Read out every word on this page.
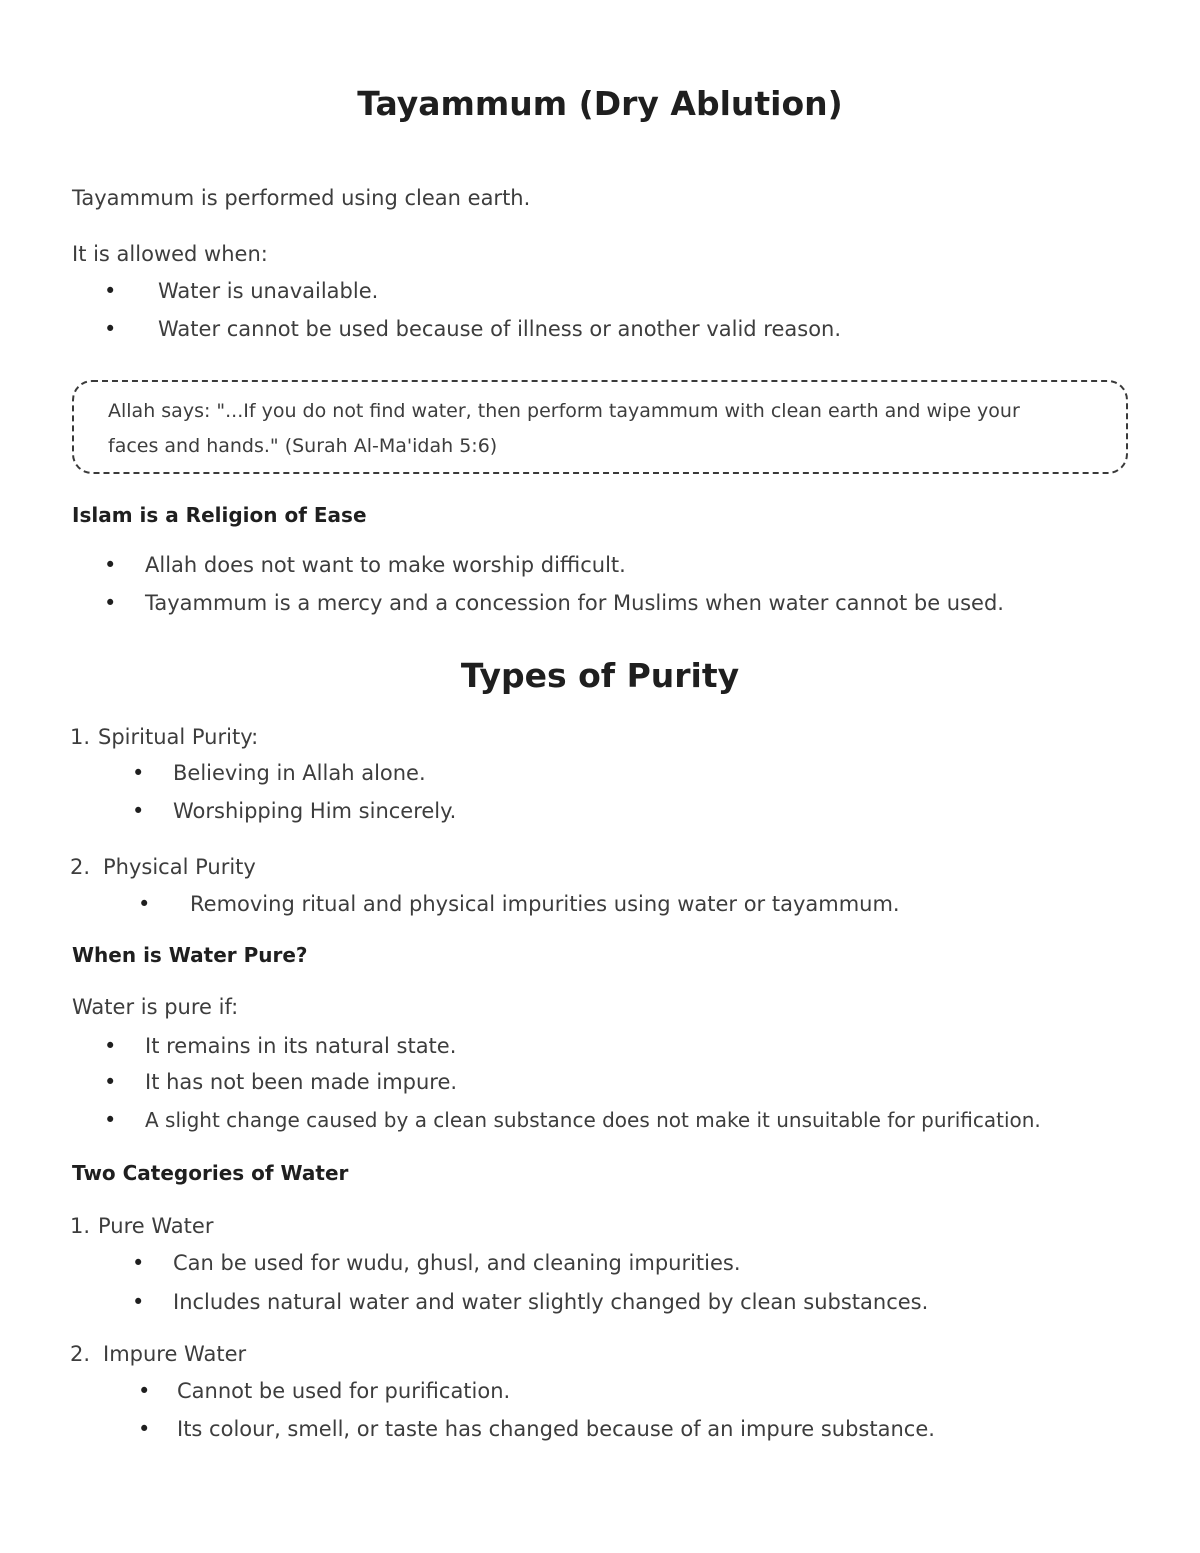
Tayammum (Dry Ablution)
Tayammum is performed using clean earth.
It is allowed when:
• Water is unavailable.
• Water cannot be used because of illness or another valid reason.
Allah says: "...If you do not find water, then perform tayammum with clean earth and wipe your
faces and hands." (Surah Al-Ma'idah 5:6)
Islam is a Religion of Ease
• Allah does not want to make worship difficult.
• Tayammum is a mercy and a concession for Muslims when water cannot be used.
Types of Purity
1. Spiritual Purity:
• Believing in Allah alone.
• Worshipping Him sincerely.
2. Physical Purity
• Removing ritual and physical impurities using water or tayammum.
When is Water Pure?
Water is pure if:
• It remains in its natural state.
• It has not been made impure.
• A slight change caused by a clean substance does not make it unsuitable for purification.
Two Categories of Water
1. Pure Water
• Can be used for wudu, ghusl, and cleaning impurities.
• Includes natural water and water slightly changed by clean substances.
2. Impure Water
• Cannot be used for purification.
• Its colour, smell, or taste has changed because of an impure substance.
